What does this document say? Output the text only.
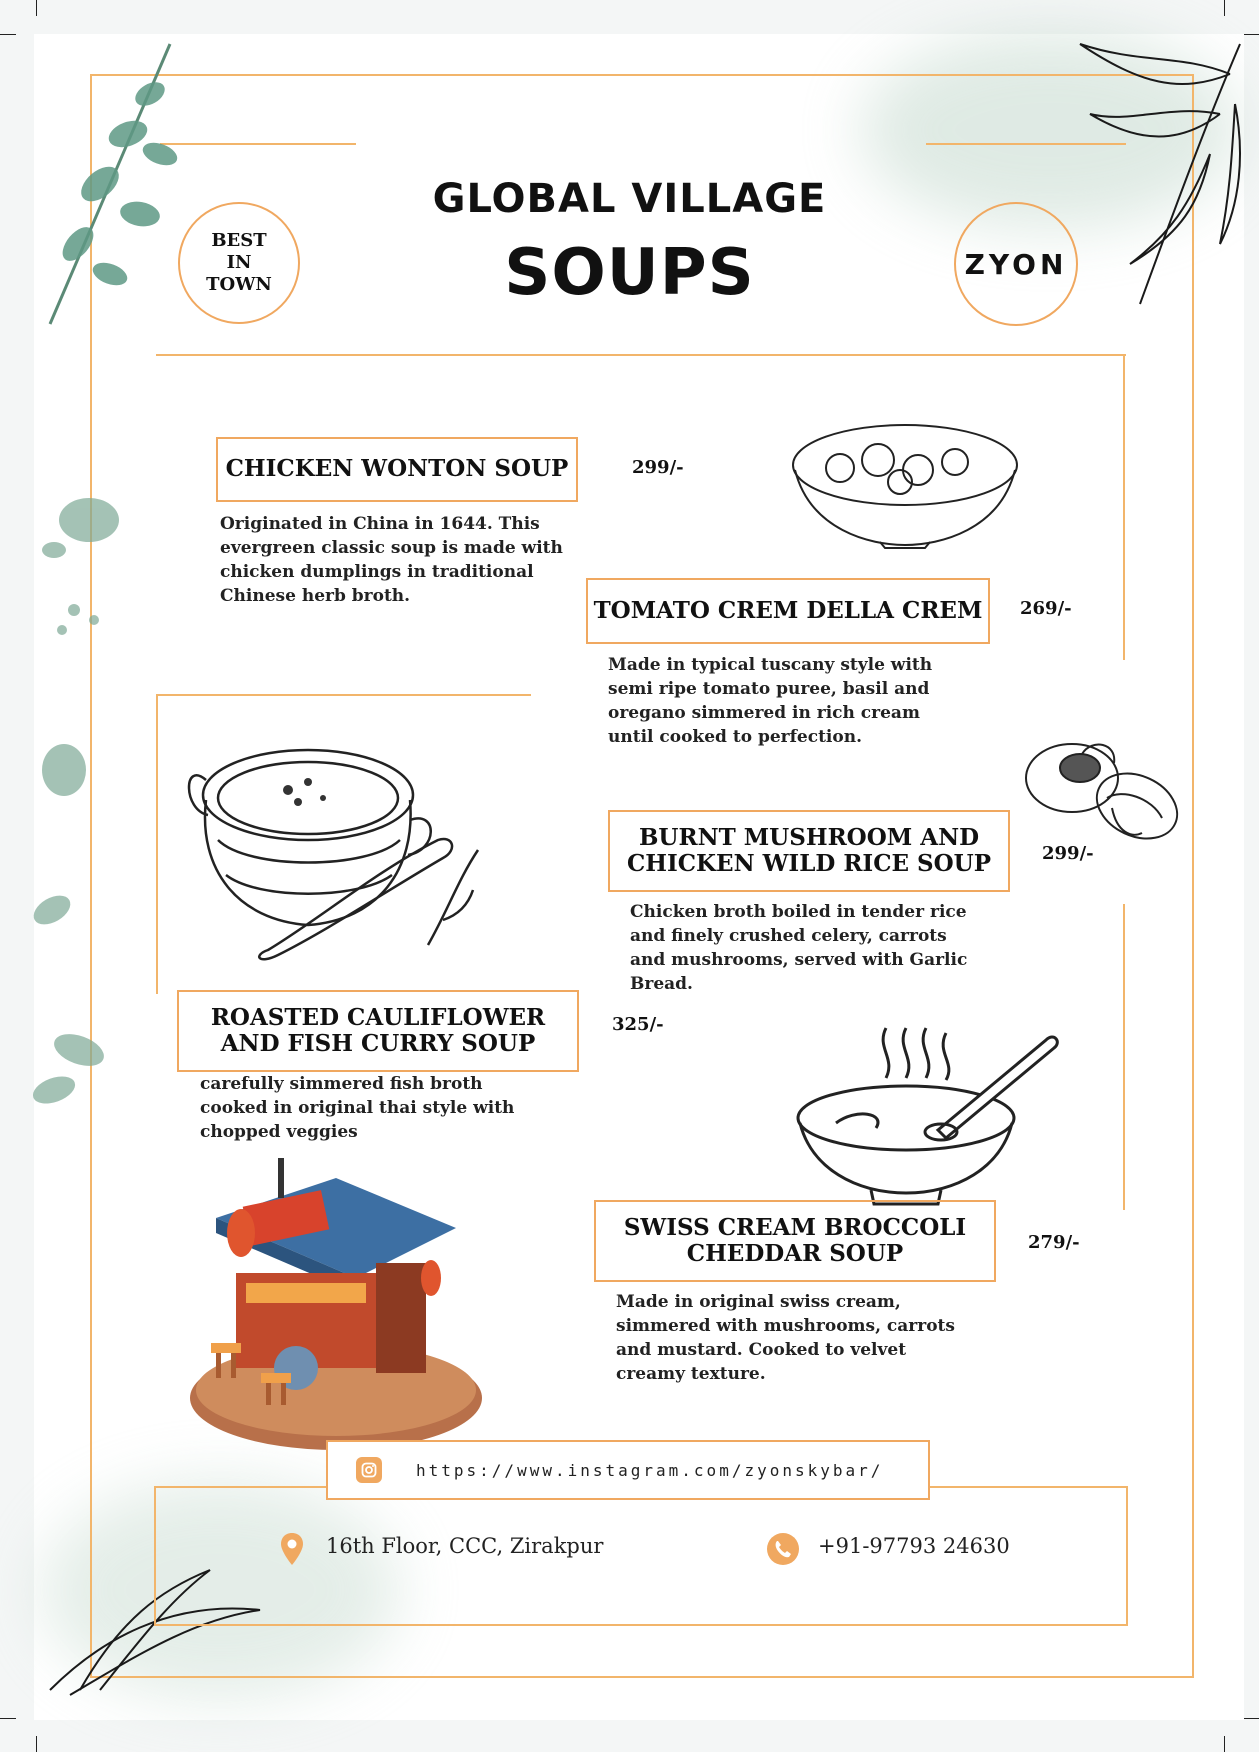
BEST
IN
TOWN
GLOBAL VILLAGE
SOUPS	ZYON
CHICKEN WONTON SOUP	299/-
Originated in China in 1644. This
evergreen classic soup is made with
chicken dumplings in traditional
Chinese herb broth.
TOMATO CREM DELLA CREM 269/-
Made in typical tuscany style with
semi ripe tomato puree, basil and
oregano simmered in rich cream
until cooked to perfection.
BURNT MUSHROOM AND
CHICKEN WILD RICE SOUP	299/-
Chicken broth boiled in tender rice
and finely crushed celery, carrots
and mushrooms, served with Garlic
Bread.
ROASTED CAULIFLOWER
AND FISH CURRY SOUP
325/-
carefully simmered fish broth
cooked in original thai style with
chopped veggies
SWISS CREAM BROCCOLI
CHEDDAR SOUP	279/-
Made in original swiss cream,
simmered with mushrooms, carrots
and mustard. Cooked to velvet
creamy texture.
https://www.instagram.com/zyonskybar/
16th Floor, CCC, Zirakpur	+91-97793 24630
